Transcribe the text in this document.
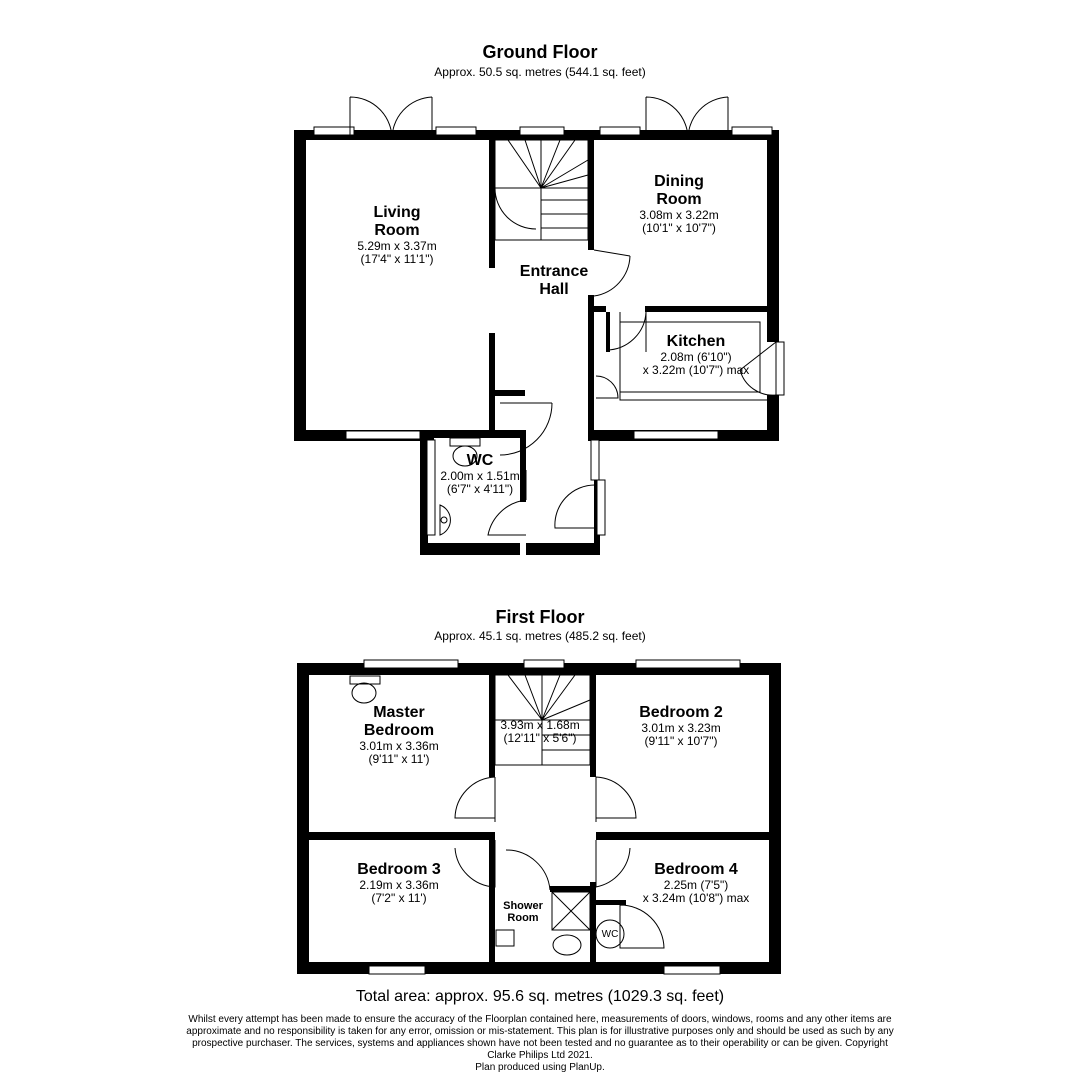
Ground Floor
Approx. 50.5 sq. metres (544.1 sq. feet)
First Floor
Approx. 45.1 sq. metres (485.2 sq. feet)
Living
Room
5.29m x 3.37m
(17'4" x 11'1")
Entrance
Hall
Dining
Room
3.08m x 3.22m
(10'1" x 10'7")
Kitchen
2.08m (6'10")
x 3.22m (10'7") max
WC
2.00m x 1.51m
(6'7" x 4'11")
Master
Bedroom
3.01m x 3.36m
(9'11" x 11')
3.93m x 1.68m
(12'11" x 5'6")
Bedroom 2
3.01m x 3.23m
(9'11" x 10'7")
Bedroom 3
2.19m x 3.36m
(7'2" x 11')
Shower
Room
Bedroom 4
2.25m (7'5")
x 3.24m (10'8") max
WC
Total area: approx. 95.6 sq. metres (1029.3 sq. feet)
Whilst every attempt has been made to ensure the accuracy of the Floorplan contained here, measurements of doors, windows, rooms and any other items are approximate and no responsibility is taken for any error, omission or mis-statement. This plan is for illustrative purposes only and should be used as such by any prospective purchaser. The services, systems and appliances shown have not been tested and no guarantee as to their operability or can be given. Copyright Clarke Philips Ltd 2021.
Plan produced using PlanUp.
